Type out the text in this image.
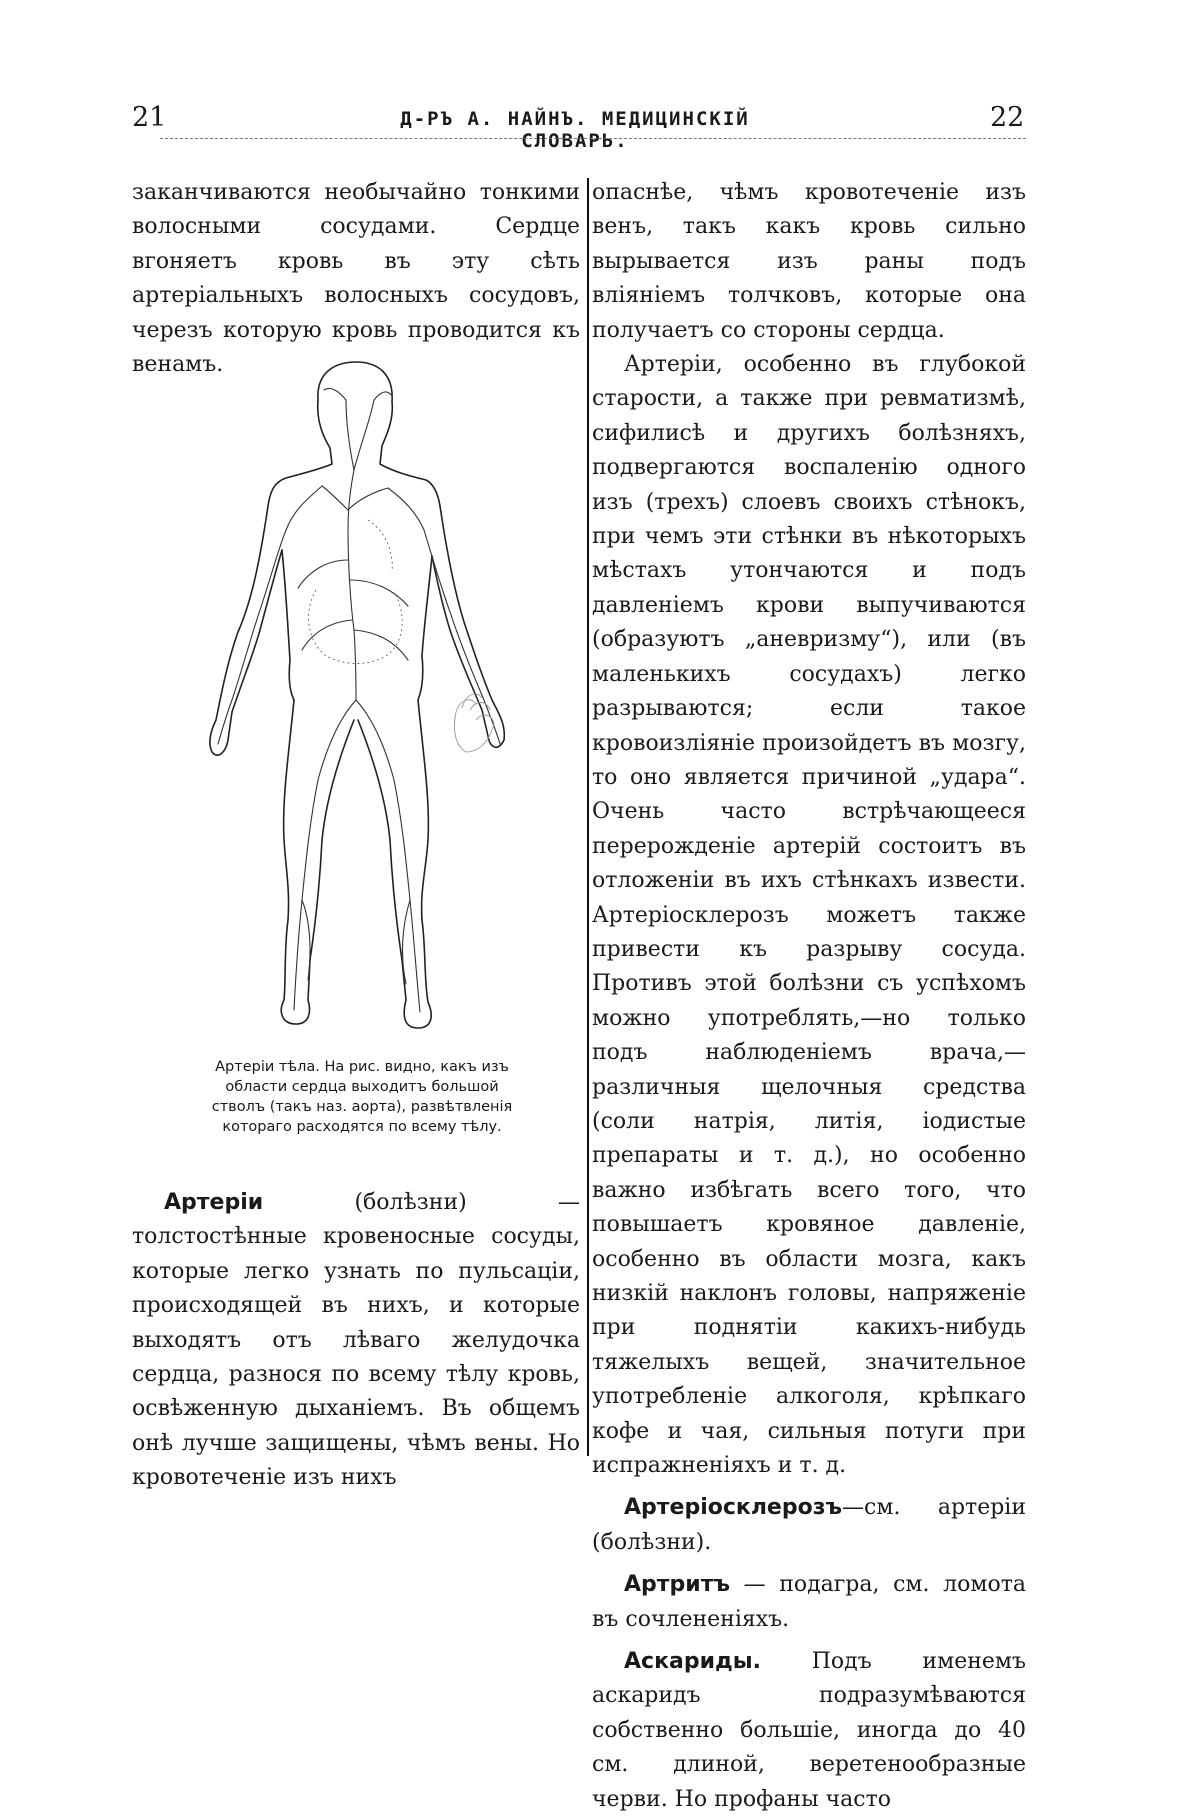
21	Д-РЪ А. НАЙНЪ. МЕДИЦИНСКІЙ СЛОВАРЬ.
22

заканчиваются необычайно тонкими волосными сосудами. Сердце вгоняетъ кровь въ эту сѣть артеріальныхъ волосныхъ сосудовъ, черезъ которую кровь проводится къ венамъ.

Артеріи тѣла. На рис. видно, какъ изъ области сердца выходитъ большой стволъ (такъ наз. аорта), развѣтвленія котораго расходятся по всему тѣлу.

Артеріи (болѣзни) — толстостѣнные кровеносные сосуды, которые легко узнать по пульсаціи, происходящей въ нихъ, и которые выходятъ отъ лѣваго желудочка сердца, разнося по всему тѣлу кровь, освѣженную дыханіемъ. Въ общемъ онѣ лучше защищены, чѣмъ вены. Но кровотеченіе изъ нихъ

опаснѣе, чѣмъ кровотеченіе изъ венъ, такъ какъ кровь сильно вырывается изъ раны подъ вліяніемъ толчковъ, которые она получаетъ со стороны сердца.

Артеріи, особенно въ глубокой старости, а также при ревматизмѣ, сифилисѣ и другихъ болѣзняхъ, подвергаются воспаленію одного изъ (трехъ) слоевъ своихъ стѣнокъ, при чемъ эти стѣнки въ нѣкоторыхъ мѣстахъ утончаются и подъ давленіемъ крови выпучиваются (образуютъ „аневризму“), или (въ маленькихъ сосудахъ) легко разрываются; если такое кровоизліяніе произойдетъ въ мозгу, то оно является причиной „удара“. Очень часто встрѣчающееся перерожденіе артерій состоитъ въ отложеніи въ ихъ стѣнкахъ извести. Артеріосклерозъ можетъ также привести къ разрыву сосуда. Противъ этой болѣзни съ успѣхомъ можно употреблять,—но только подъ наблюденіемъ врача,—различныя щелочныя средства (соли натрія, литія, іодистые препараты и т. д.), но особенно важно избѣгать всего того, что повышаетъ кровяное давленіе, особенно въ области мозга, какъ низкій наклонъ головы, напряженіе при поднятіи какихъ-нибудь тяжелыхъ вещей, значительное употребленіе алкоголя, крѣпкаго кофе и чая, сильныя потуги при испражненіяхъ и т. д.

Артеріосклерозъ—см. артеріи (болѣзни).

Артритъ — подагра, см. ломота въ сочлененіяхъ.

Аскариды. Подъ именемъ аскаридъ подразумѣваются собственно большіе, иногда до 40 см. длиной, веретенообразные черви. Но профаны часто
